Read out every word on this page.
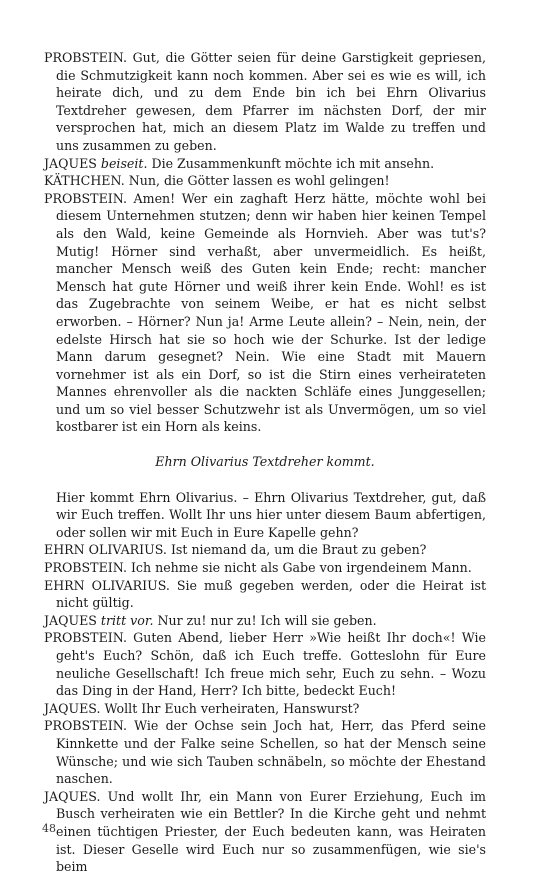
PROBSTEIN. Gut, die Götter seien für deine Garstigkeit gepriesen, die Schmutzigkeit kann noch kommen. Aber sei es wie es will, ich heirate dich, und zu dem Ende bin ich bei Ehrn Olivarius Textdreher gewesen, dem Pfarrer im nächsten Dorf, der mir versprochen hat, mich an diesem Platz im Walde zu treffen und uns zusammen zu geben.

JAQUES beiseit. Die Zusammenkunft möchte ich mit ansehn.

KÄTHCHEN. Nun, die Götter lassen es wohl gelingen!

PROBSTEIN. Amen! Wer ein zaghaft Herz hätte, möchte wohl bei diesem Unternehmen stutzen; denn wir haben hier keinen Tempel als den Wald, keine Gemeinde als Hornvieh. Aber was tut's? Mutig! Hörner sind verhaßt, aber unvermeidlich. Es heißt, mancher Mensch weiß des Guten kein Ende; recht: mancher Mensch hat gute Hörner und weiß ihrer kein Ende. Wohl! es ist das Zugebrachte von seinem Weibe, er hat es nicht selbst erworben. – Hörner? Nun ja! Arme Leute allein? – Nein, nein, der edelste Hirsch hat sie so hoch wie der Schurke. Ist der ledige Mann darum gesegnet? Nein. Wie eine Stadt mit Mauern vornehmer ist als ein Dorf, so ist die Stirn eines verheirateten Mannes ehrenvoller als die nackten Schläfe eines Junggesellen; und um so viel besser Schutzwehr ist als Unvermögen, um so viel kostbarer ist ein Horn als keins.

Ehrn Olivarius Textdreher kommt.

Hier kommt Ehrn Olivarius. – Ehrn Olivarius Textdreher, gut, daß wir Euch treffen. Wollt Ihr uns hier unter diesem Baum abfertigen, oder sollen wir mit Euch in Eure Kapelle gehn?

EHRN OLIVARIUS. Ist niemand da, um die Braut zu geben?

PROBSTEIN. Ich nehme sie nicht als Gabe von irgendeinem Mann.

EHRN OLIVARIUS. Sie muß gegeben werden, oder die Heirat ist nicht gültig.

JAQUES tritt vor. Nur zu! nur zu! Ich will sie geben.

PROBSTEIN. Guten Abend, lieber Herr »Wie heißt Ihr doch«! Wie geht's Euch? Schön, daß ich Euch treffe. Gotteslohn für Eure neuliche Gesellschaft! Ich freue mich sehr, Euch zu sehn. – Wozu das Ding in der Hand, Herr? Ich bitte, bedeckt Euch!

JAQUES. Wollt Ihr Euch verheiraten, Hanswurst?

PROBSTEIN. Wie der Ochse sein Joch hat, Herr, das Pferd seine Kinnkette und der Falke seine Schellen, so hat der Mensch seine Wünsche; und wie sich Tauben schnäbeln, so möchte der Ehestand naschen.

JAQUES. Und wollt Ihr, ein Mann von Eurer Erziehung, Euch im Busch verheiraten wie ein Bettler? In die Kirche geht und nehmt einen tüchtigen Priester, der Euch bedeuten kann, was Heiraten ist. Dieser Geselle wird Euch nur so zusammenfügen, wie sie's beim

48
